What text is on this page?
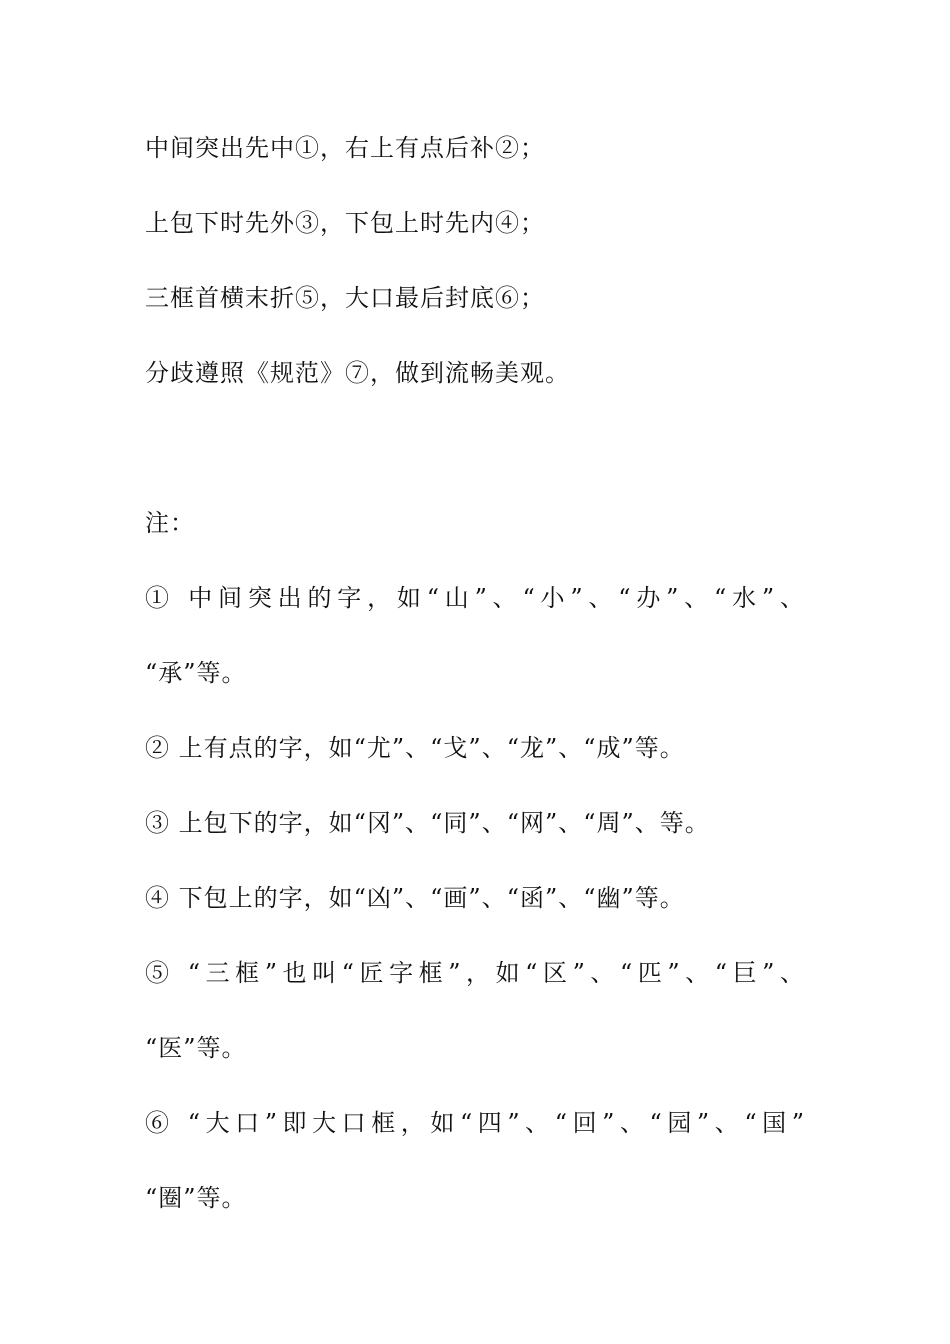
中间突出先中①，右上有点后补②；
上包下时先外③，下包上时先内④；
三框首横末折⑤，大口最后封底⑥；
分歧遵照《规范》⑦，做到流畅美观。
注：
① 中间突出的字，如“山”、“小”、“办”、“水”、
“承”等。
② 上有点的字，如“尤”、“戈”、“龙”、“成”等。
③ 上包下的字，如“冈”、“同”、“网”、“周”、等。
④ 下包上的字，如“凶”、“画”、“函”、“幽”等。
⑤ “三框”也叫“匠字框”，如“区”、“匹”、“巨”、
“医”等。
⑥ “大口”即大口框，如“四”、“回”、“园”、“国”
“圈”等。
